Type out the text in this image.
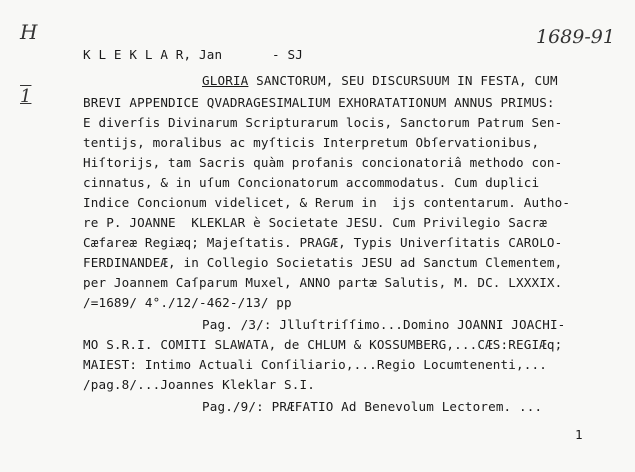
H
1
1689-91
K L E K L A R, Jan	- SJ
GLORIA SANCTORUM, SEU DISCURSUUM IN FESTA, CUM
BREVI APPENDICE QVADRAGESIMALIUM EXHORATATIONUM ANNUS PRIMUS:
E diverſis Divinarum Scripturarum locis, Sanctorum Patrum Sen-
tentijs, moralibus ac myſticis Interpretum Obſervationibus,
Hiſtorijs, tam Sacris quàm profanis concionatoriâ methodo con-
cinnatus, & in uſum Concionatorum accommodatus. Cum duplici
Indice Concionum videlicet, & Rerum in  ijs contentarum. Autho-
re P. JOANNE  KLEKLAR è Societate JESU. Cum Privilegio Sacræ
Cæfareæ Regiæq; Majeſtatis. PRAGÆ, Typis Univerſitatis CAROLO-
FERDINANDEÆ, in Collegio Societatis JESU ad Sanctum Clementem,
per Joannem Caſparum Muxel, ANNO partæ Salutis, M. DC. LXXXIX.
/=1689/ 4°./12/-462-/13/ pp
Pag. /3/: Jlluſtriſſimo...Domino JOANNI JOACHI-
MO S.R.I. COMITI SLAWATA, de CHLUM & KOSSUMBERG,...CÆS:REGIÆq;
MAIEST: Intimo Actuali Conſiliario,...Regio Locumtenenti,...
/pag.8/...Joannes Kleklar S.I.
Pag./9/: PRÆFATIO Ad Benevolum Lectorem. ...
1
